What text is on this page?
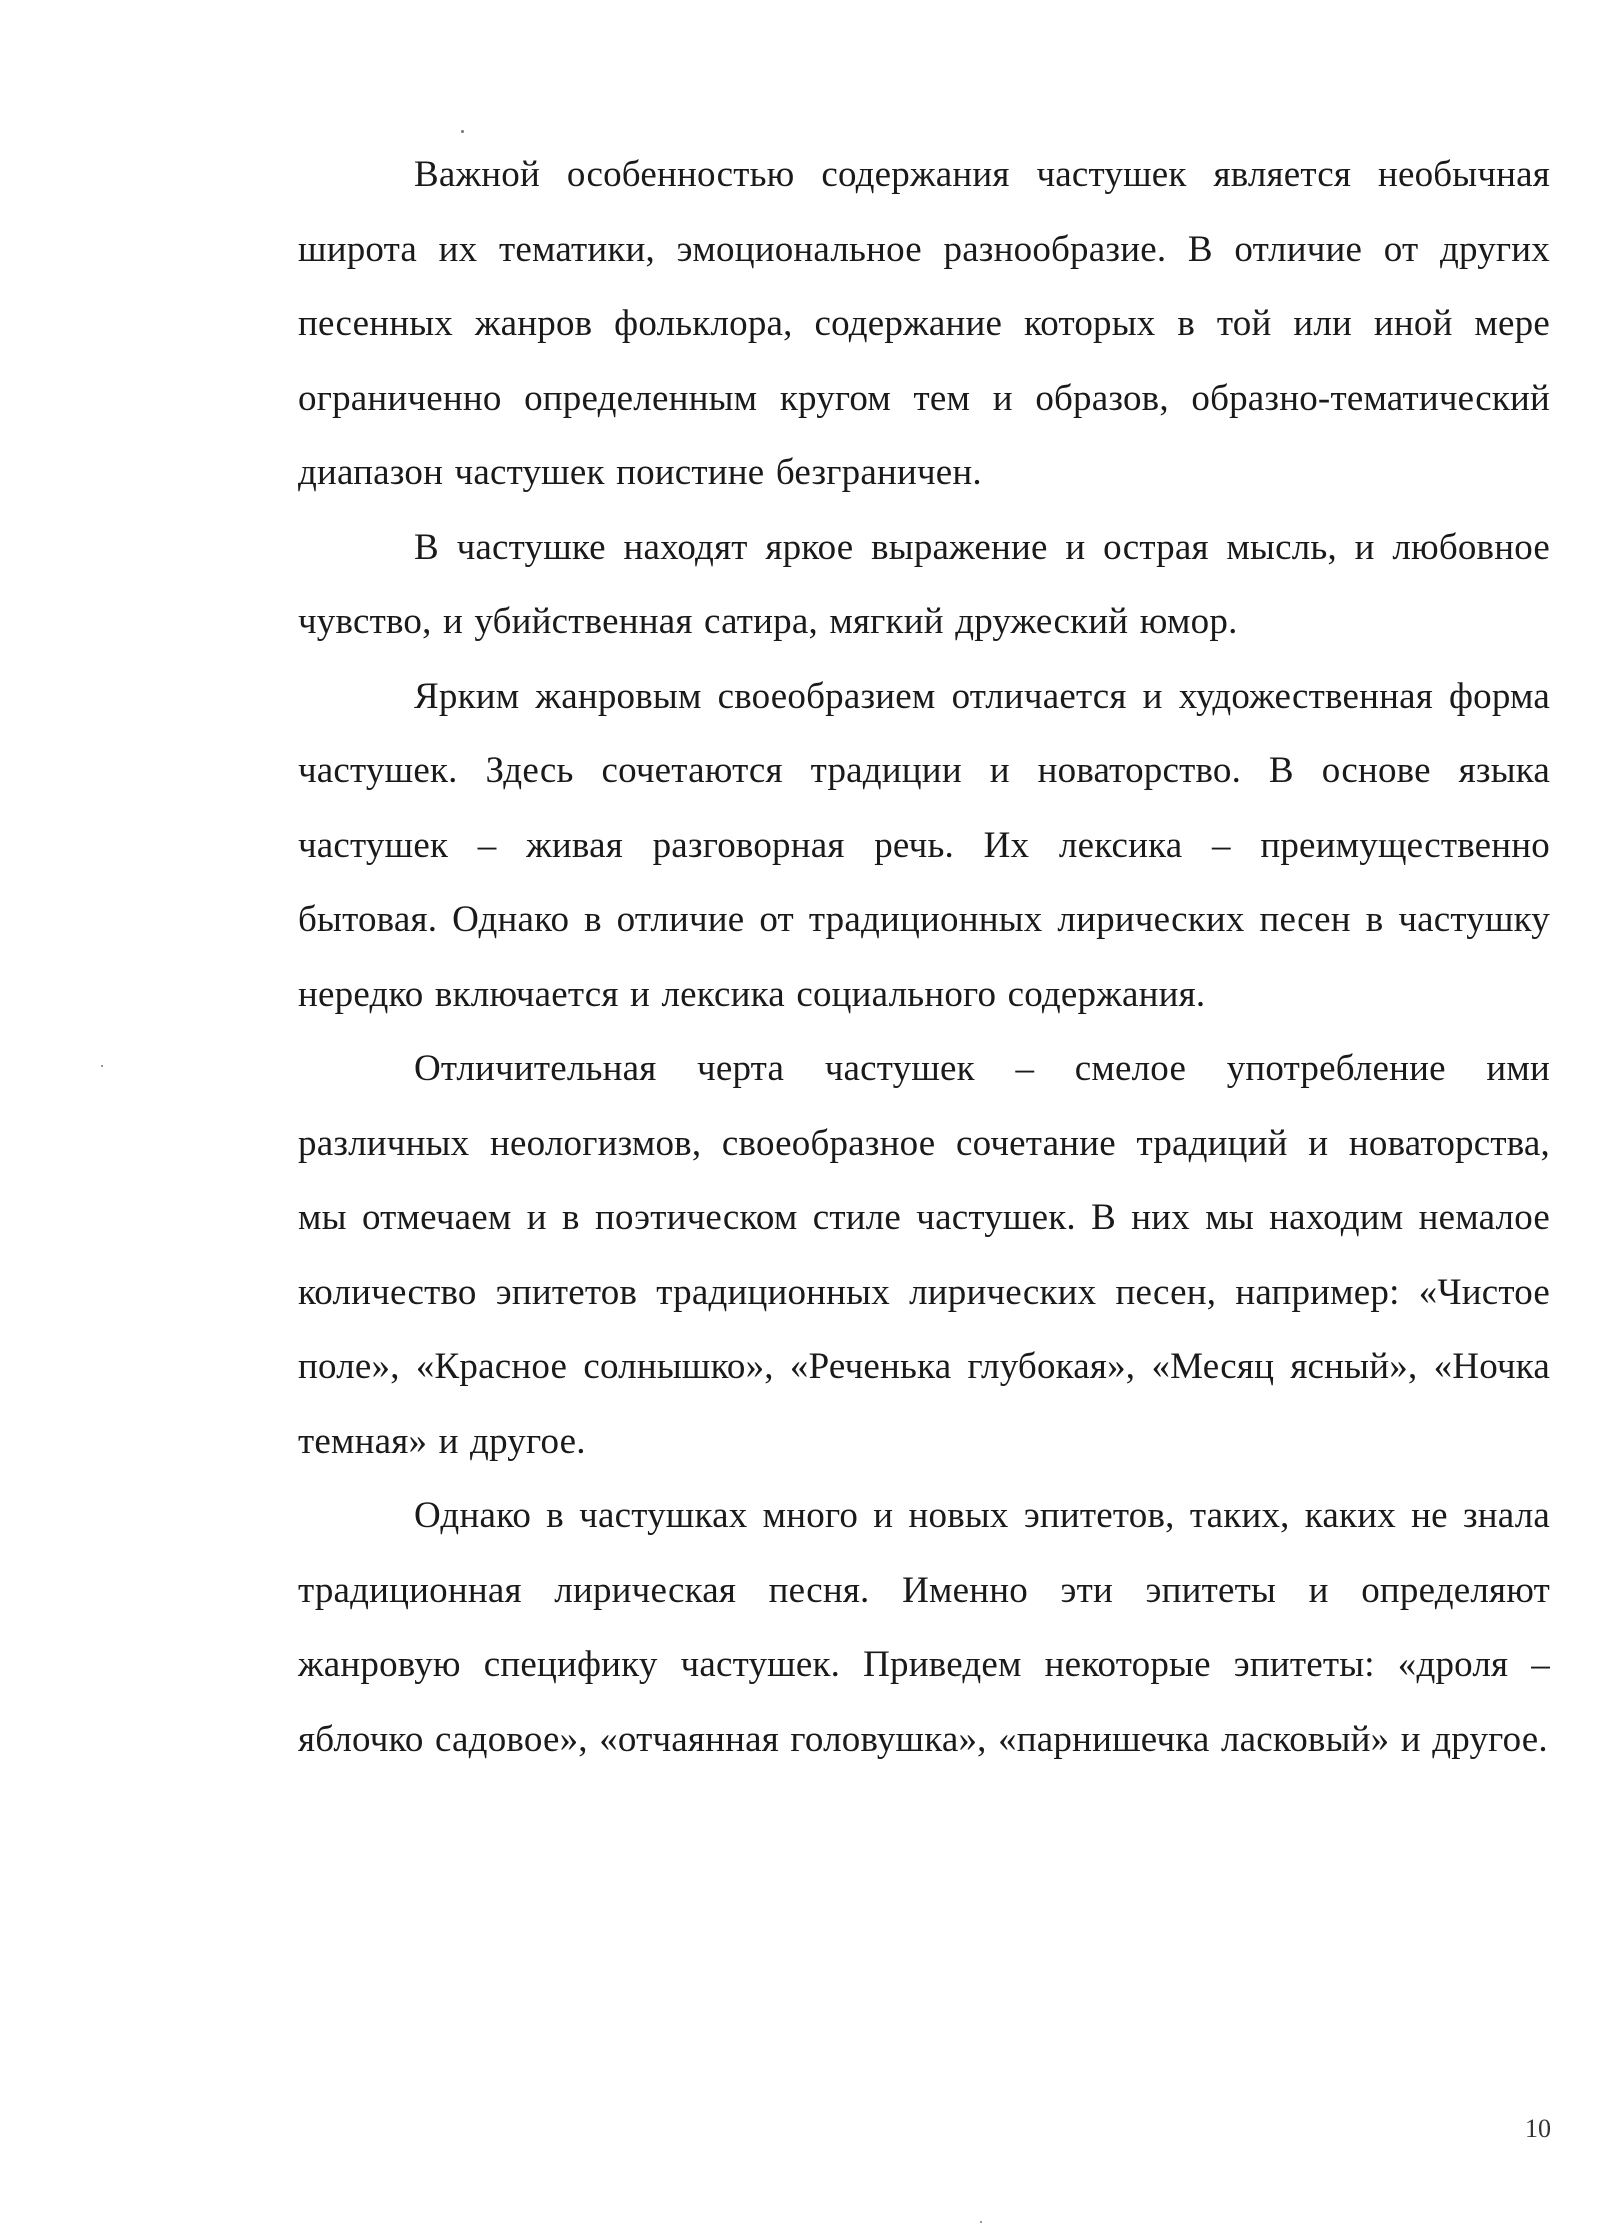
Важной особенностью содержания частушек является необычная широта их тематики, эмоциональное разнообразие. В отличие от других песенных жанров фольклора, содержание которых в той или иной мере ограниченно определенным кругом тем и образов, образно-тематический диапазон частушек поистине безграничен.

В частушке находят яркое выражение и острая мысль, и любовное чувство, и убийственная сатира, мягкий дружеский юмор.

Ярким жанровым своеобразием отличается и художественная форма частушек. Здесь сочетаются традиции и новаторство. В основе языка частушек – живая разговорная речь. Их лексика – преимущественно бытовая. Однако в отличие от традиционных лирических песен в частушку нередко включается и лексика социального содержания.

Отличительная черта частушек – смелое употребление ими различных неологизмов, своеобразное сочетание традиций и новаторства, мы отмечаем и в поэтическом стиле частушек. В них мы находим немалое количество эпитетов традиционных лирических песен, например: «Чистое поле», «Красное солнышко», «Реченька глубокая», «Месяц ясный», «Ночка темная» и другое.

Однако в частушках много и новых эпитетов, таких, каких не знала традиционная лирическая песня. Именно эти эпитеты и определяют жанровую специфику частушек. Приведем некоторые эпитеты: «дроля – яблочко садовое», «отчаянная головушка», «парнишечка ласковый» и другое.

10
